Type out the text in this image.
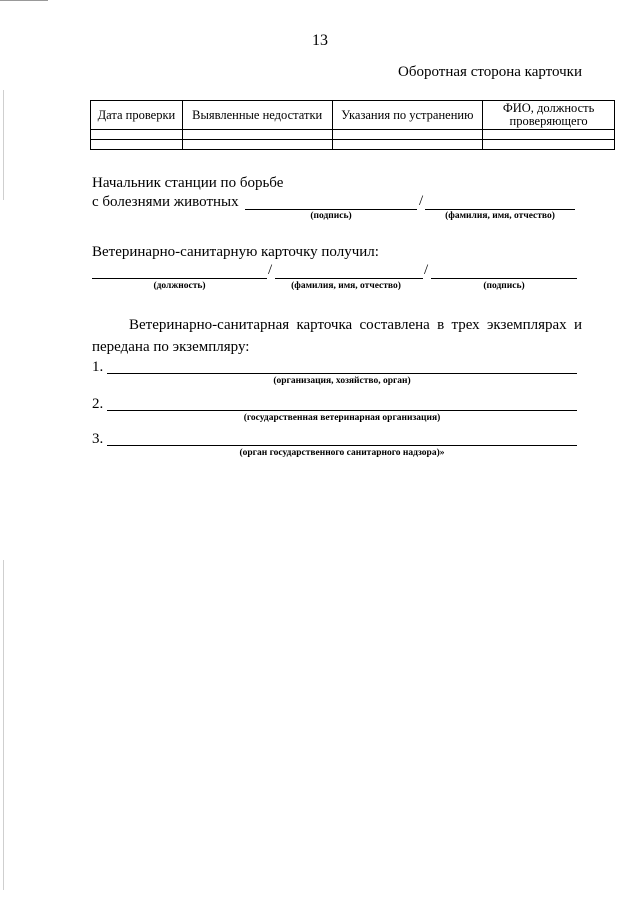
13
Оборотная сторона карточки
Дата проверки	Выявленные недостатки	Указания по устранению	ФИО, должность проверяющего

Начальник станции по борьбе
с болезнями животных	/
(подпись)	(фамилия, имя, отчество)
Ветеринарно-санитарную карточку получил:
/	/
(должность)	(фамилия, имя, отчество)	(подпись)
Ветеринарно-санитарная карточка составлена в трех экземплярах и передана по экземпляру:
1.
(организация, хозяйство, орган)
2.
(государственная ветеринарная организация)
3.
(орган государственного санитарного надзора)»
